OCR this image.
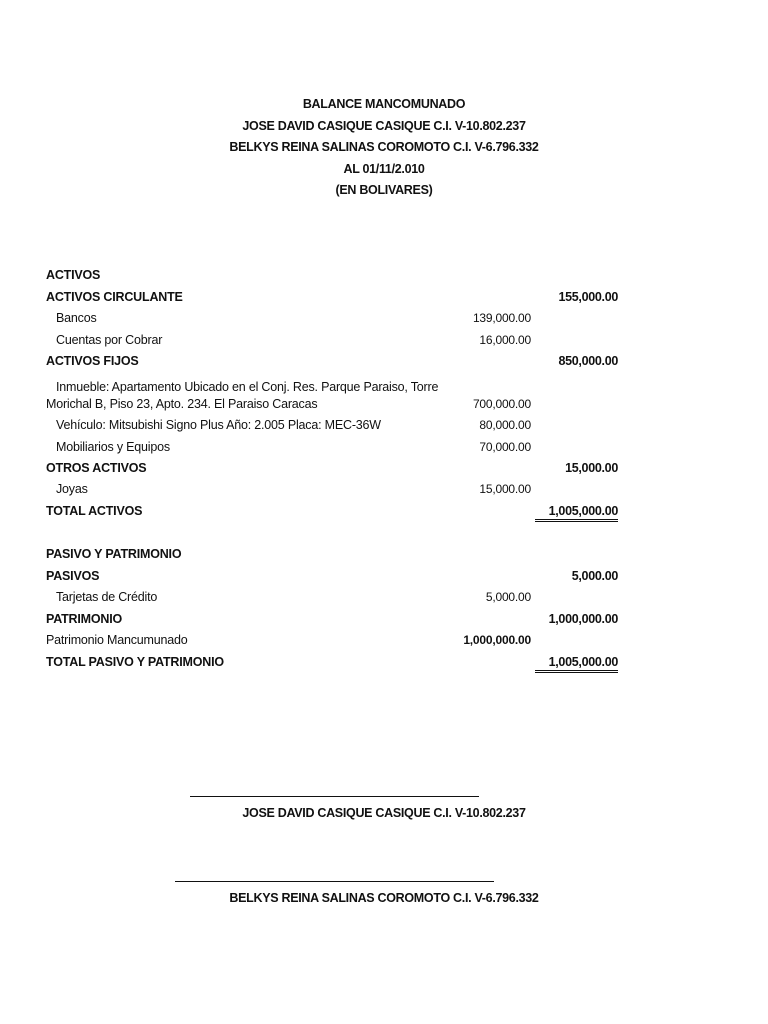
BALANCE MANCOMUNADO
JOSE DAVID CASIQUE CASIQUE C.I. V-10.802.237
BELKYS REINA SALINAS COROMOTO C.I. V-6.796.332
AL 01/11/2.010
(EN BOLIVARES)
ACTIVOS
ACTIVOS CIRCULANTE	155,000.00
Bancos	139,000.00
Cuentas por Cobrar	16,000.00
ACTIVOS FIJOS	850,000.00
Inmueble: Apartamento Ubicado en el Conj. Res. Parque Paraiso, Torre
Morichal B, Piso 23, Apto. 234. El Paraiso Caracas	700,000.00
Vehículo: Mitsubishi Signo Plus Año: 2.005 Placa: MEC-36W	80,000.00
Mobiliarios y Equipos	70,000.00
OTROS ACTIVOS	15,000.00
Joyas	15,000.00
TOTAL ACTIVOS	1,005,000.00
PASIVO Y PATRIMONIO
PASIVOS	5,000.00
Tarjetas de Crédito	5,000.00
PATRIMONIO	1,000,000.00
Patrimonio Mancumunado	1,000,000.00
TOTAL PASIVO Y PATRIMONIO	1,005,000.00
JOSE DAVID CASIQUE CASIQUE C.I. V-10.802.237
BELKYS REINA SALINAS COROMOTO C.I. V-6.796.332
